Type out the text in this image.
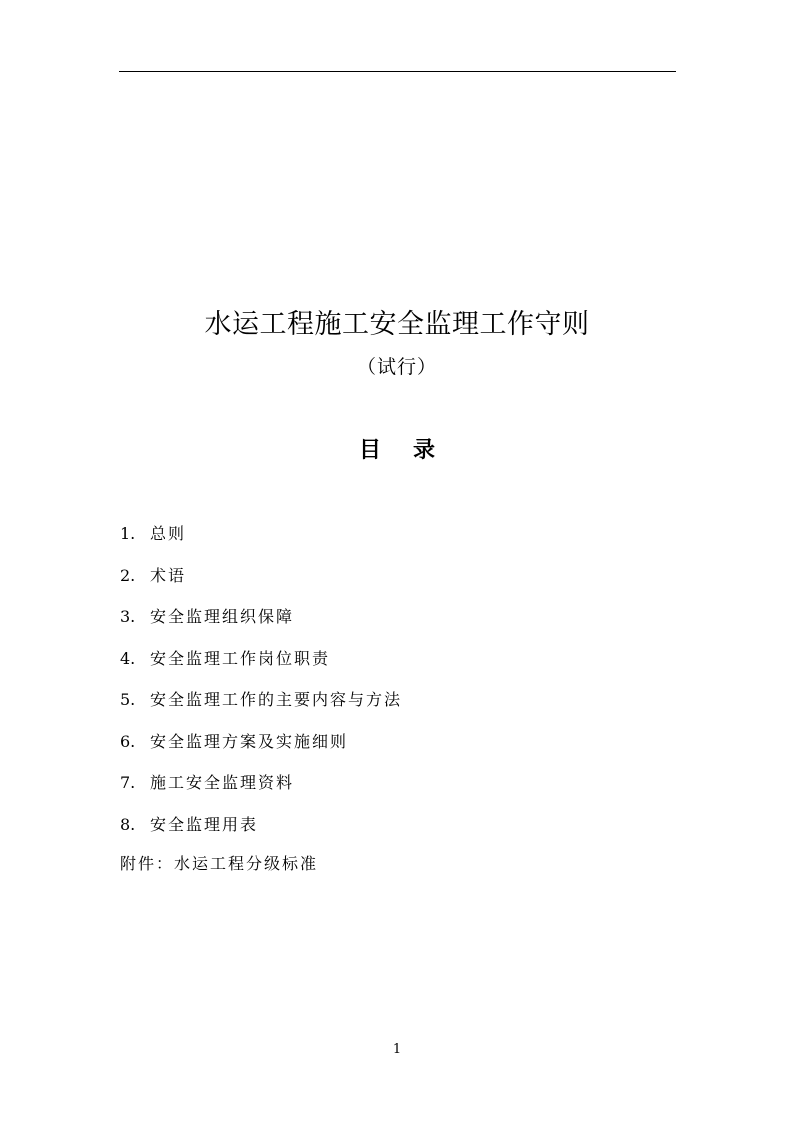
水运工程施工安全监理工作守则
（试行）
目录
1. 总则
2. 术语
3. 安全监理组织保障
4. 安全监理工作岗位职责
5. 安全监理工作的主要内容与方法
6. 安全监理方案及实施细则
7. 施工安全监理资料
8. 安全监理用表
附件：水运工程分级标准
1
